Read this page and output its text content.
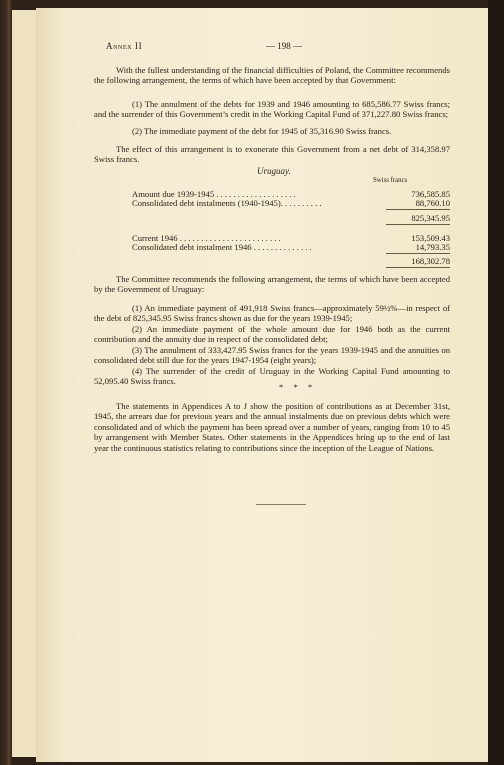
Annex II	— 198 —

With the fullest understanding of the financial difficulties of Poland, the Committee recommends the following arrangement, the terms of which have been accepted by that Government:

(1) The annulment of the debts for 1939 and 1946 amounting to 685,586.77 Swiss francs; and the surrender of this Government’s credit in the Working Capital Fund of 371,227.80 Swiss francs;

(2) The immediate payment of the debt for 1945 of 35,316.90 Swiss francs.

The effect of this arrangement is to exonerate this Government from a net debt of 314,358.97 Swiss francs.

Uruguay.
Swiss francs
Amount due 1939-1945 . . . . . . . . . . . . . . . . . . .	736,585.85
Consolidated debt instalments (1940-1945). . . . . . . . . .	88,760.10
825,345.95
Current 1946 . . . . . . . . . . . . . . . . . . . . . . . .	153,509.43
Consolidated debt instalment 1946 . . . . . . . . . . . . . .	14,793.35
168,302.78

The Committee recommends the following arrangement, the terms of which have been accepted by the Government of Uruguay:

(1) An immediate payment of 491,918 Swiss francs—approximately 59½%—in respect of the debt of 825,345.95 Swiss francs shown as due for the years 1939-1945;

(2) An immediate payment of the whole amount due for 1946 both as the current contribution and the annuity due in respect of the consolidated debt;

(3) The annulment of 333,427.95 Swiss francs for the years 1939-1945 and the annuities on consolidated debt still due for the years 1947-1954 (eight years);

(4) The surrender of the credit of Uruguay in the Working Capital Fund amounting to 52,095.40 Swiss francs.

* * *

The statements in Appendices A to J show the position of contributions as at December 31st, 1945, the arrears due for previous years and the annual instalments due on previous debts which were consolidated and of which the payment has been spread over a number of years, ranging from 10 to 45 by arrangement with Member States. Other statements in the Appendices bring up to the end of last year the continuous statistics relating to contributions since the inception of the League of Nations.
